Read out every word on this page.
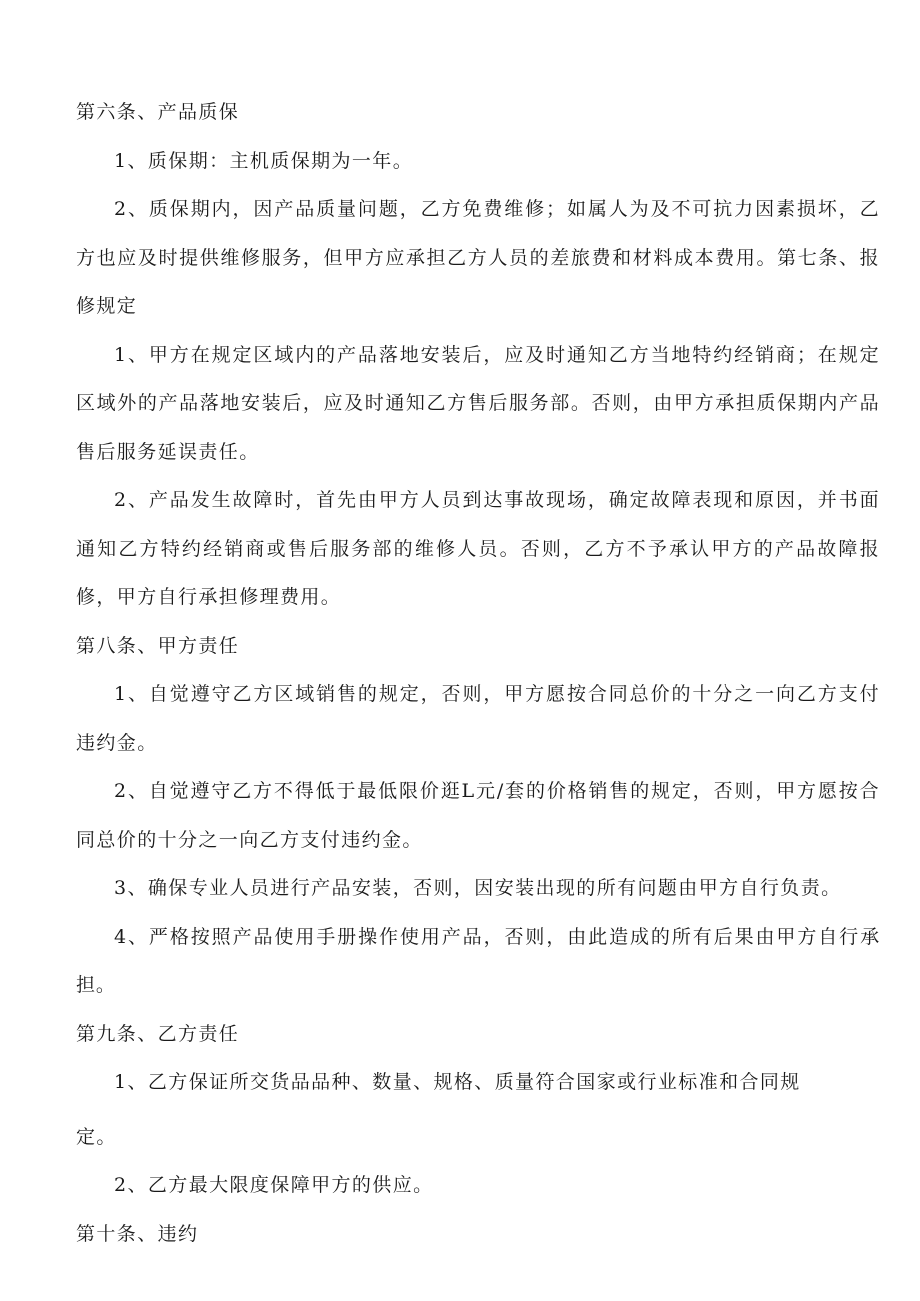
第六条、产品质保

1、质保期：主机质保期为一年。

2、质保期内，因产品质量问题，乙方免费维修；如属人为及不可抗力因素损坏，乙方也应及时提供维修服务，但甲方应承担乙方人员的差旅费和材料成本费用。第七条、报修规定

1、甲方在规定区域内的产品落地安装后，应及时通知乙方当地特约经销商；在规定区域外的产品落地安装后，应及时通知乙方售后服务部。否则，由甲方承担质保期内产品售后服务延误责任。

2、产品发生故障时，首先由甲方人员到达事故现场，确定故障表现和原因，并书面通知乙方特约经销商或售后服务部的维修人员。否则，乙方不予承认甲方的产品故障报修，甲方自行承担修理费用。

第八条、甲方责任

1、自觉遵守乙方区域销售的规定，否则，甲方愿按合同总价的十分之一向乙方支付违约金。

2、自觉遵守乙方不得低于最低限价逛L元/套的价格销售的规定，否则，甲方愿按合同总价的十分之一向乙方支付违约金。

3、确保专业人员进行产品安装，否则，因安装出现的所有问题由甲方自行负责。

4、严格按照产品使用手册操作使用产品，否则，由此造成的所有后果由甲方自行承担。

第九条、乙方责任

1、乙方保证所交货品品种、数量、规格、质量符合国家或行业标准和合同规

定。

2、乙方最大限度保障甲方的供应。

第十条、违约
